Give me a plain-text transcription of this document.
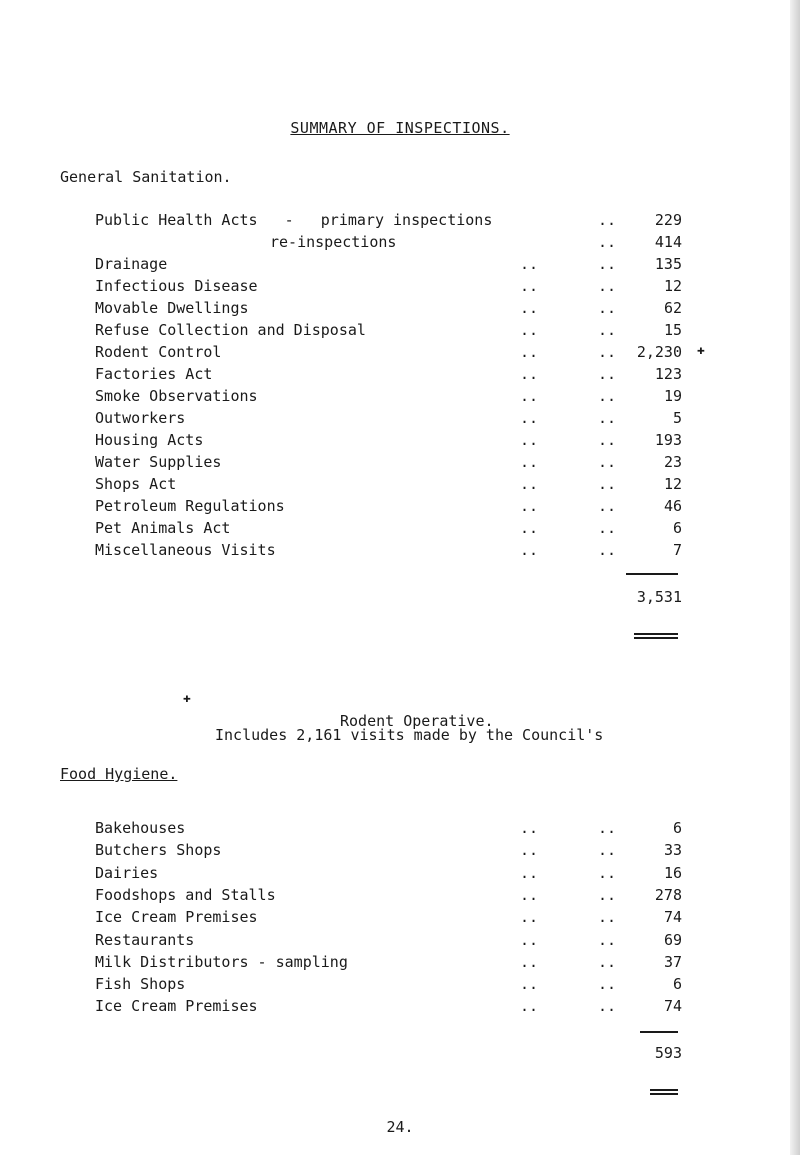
SUMMARY OF INSPECTIONS.
General Sanitation.
Public Health Acts   -   primary inspections	..	229
re-inspections	..	414
Drainage	..	..	135
Infectious Disease	..	..	12
Movable Dwellings	..	..	62
Refuse Collection and Disposal	..	..	15
Rodent Control	..	.. 2,230 ✚
Factories Act	..	..	123
Smoke Observations	..	..	19
Outworkers	..	..	5
Housing Acts	..	..	193
Water Supplies	..	..	23
Shops Act	..	..	12
Petroleum Regulations	..	..	46
Pet Animals Act	..	..	6
Miscellaneous Visits	..	..	7
3,531

✚

Includes 2,161 visits made by the Council's

Rodent Operative.
Food Hygiene.
Bakehouses	..	..	6
Butchers Shops	..	..	33
Dairies	..	..	16
Foodshops and Stalls	..	..	278
Ice Cream Premises	..	..	74
Restaurants	..	..	69
Milk Distributors - sampling	..	..	37
Fish Shops	..	..	6
Ice Cream Premises	..	..	74
593
24.
